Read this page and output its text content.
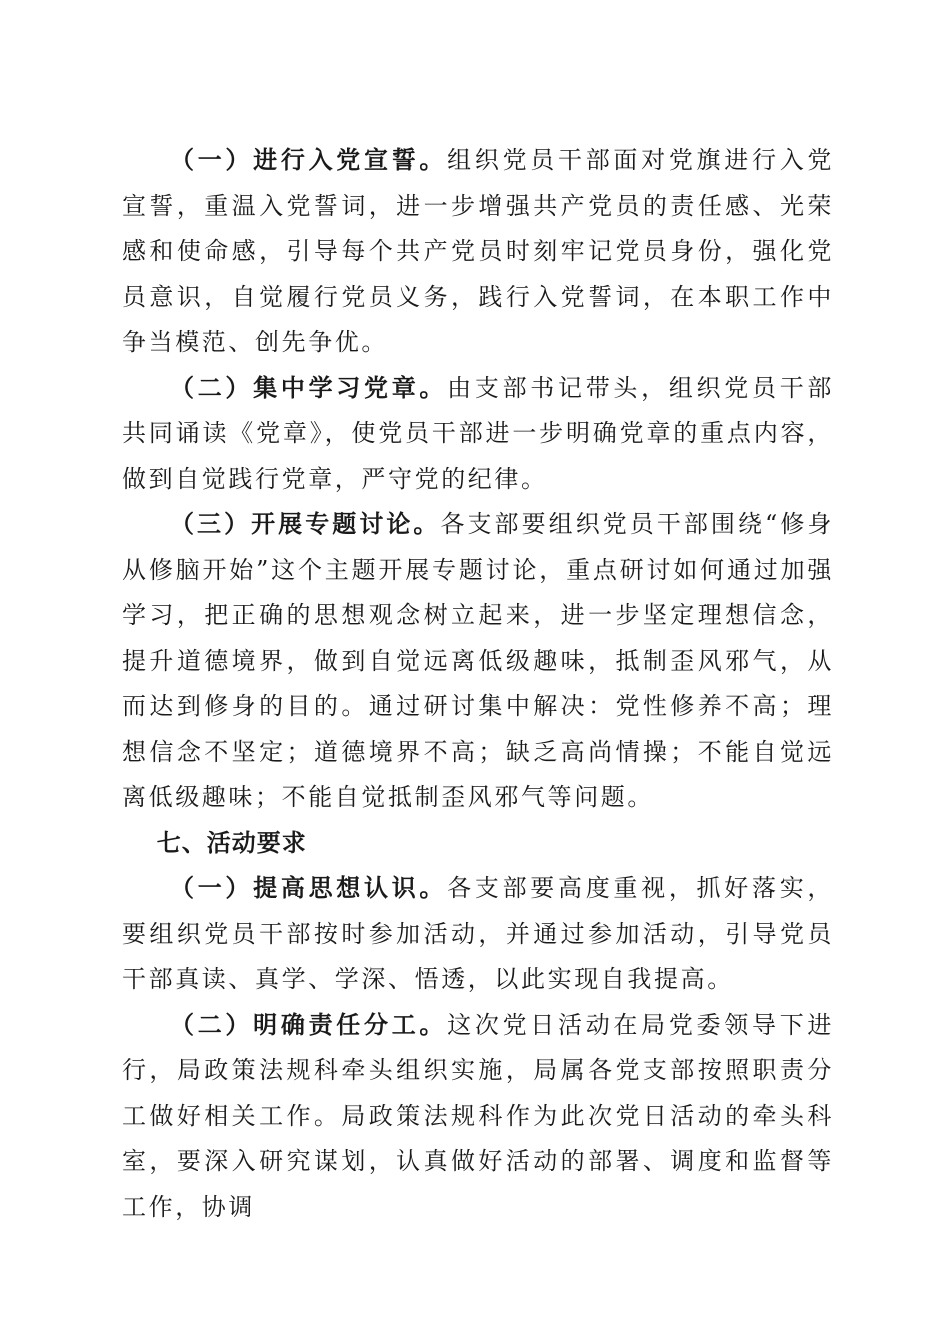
（一）进行入党宣誓。组织党员干部面对党旗进行入党宣誓，重温入党誓词，进一步增强共产党员的责任感、光荣感和使命感，引导每个共产党员时刻牢记党员身份，强化党员意识，自觉履行党员义务，践行入党誓词，在本职工作中争当模范、创先争优。

（二）集中学习党章。由支部书记带头，组织党员干部共同诵读《党章》，使党员干部进一步明确党章的重点内容，做到自觉践行党章，严守党的纪律。

（三）开展专题讨论。各支部要组织党员干部围绕“修身从修脑开始”这个主题开展专题讨论，重点研讨如何通过加强学习，把正确的思想观念树立起来，进一步坚定理想信念，提升道德境界，做到自觉远离低级趣味，抵制歪风邪气，从而达到修身的目的。通过研讨集中解决：党性修养不高；理想信念不坚定；道德境界不高；缺乏高尚情操；不能自觉远离低级趣味；不能自觉抵制歪风邪气等问题。

七、活动要求

（一）提高思想认识。各支部要高度重视，抓好落实，要组织党员干部按时参加活动，并通过参加活动，引导党员干部真读、真学、学深、悟透，以此实现自我提高。

（二）明确责任分工。这次党日活动在局党委领导下进行，局政策法规科牵头组织实施，局属各党支部按照职责分工做好相关工作。局政策法规科作为此次党日活动的牵头科室，要深入研究谋划，认真做好活动的部署、调度和监督等工作，协调
